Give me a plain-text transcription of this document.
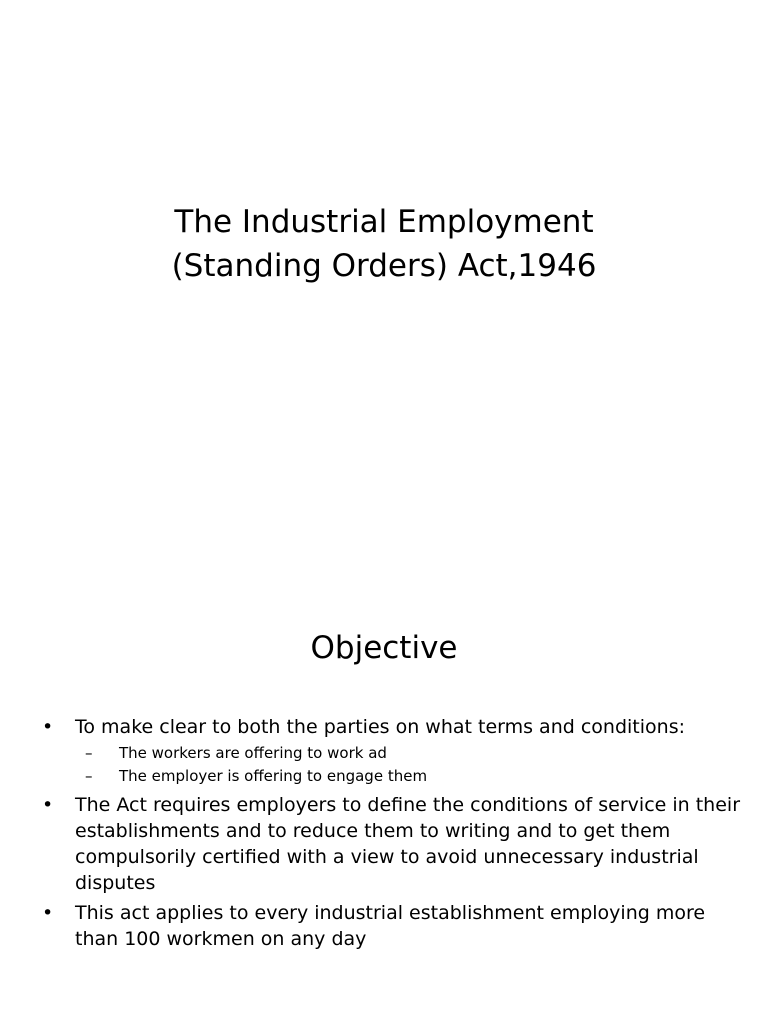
The Industrial Employment
(Standing Orders) Act,1946
Objective
• To make clear to both the parties on what terms and conditions:
– The workers are offering to work ad
– The employer is offering to engage them
• The Act requires employers to define the conditions of service in their establishments and to reduce them to writing and to get them compulsorily certified with a view to avoid unnecessary industrial disputes
• This act applies to every industrial establishment employing more than 100 workmen on any day
